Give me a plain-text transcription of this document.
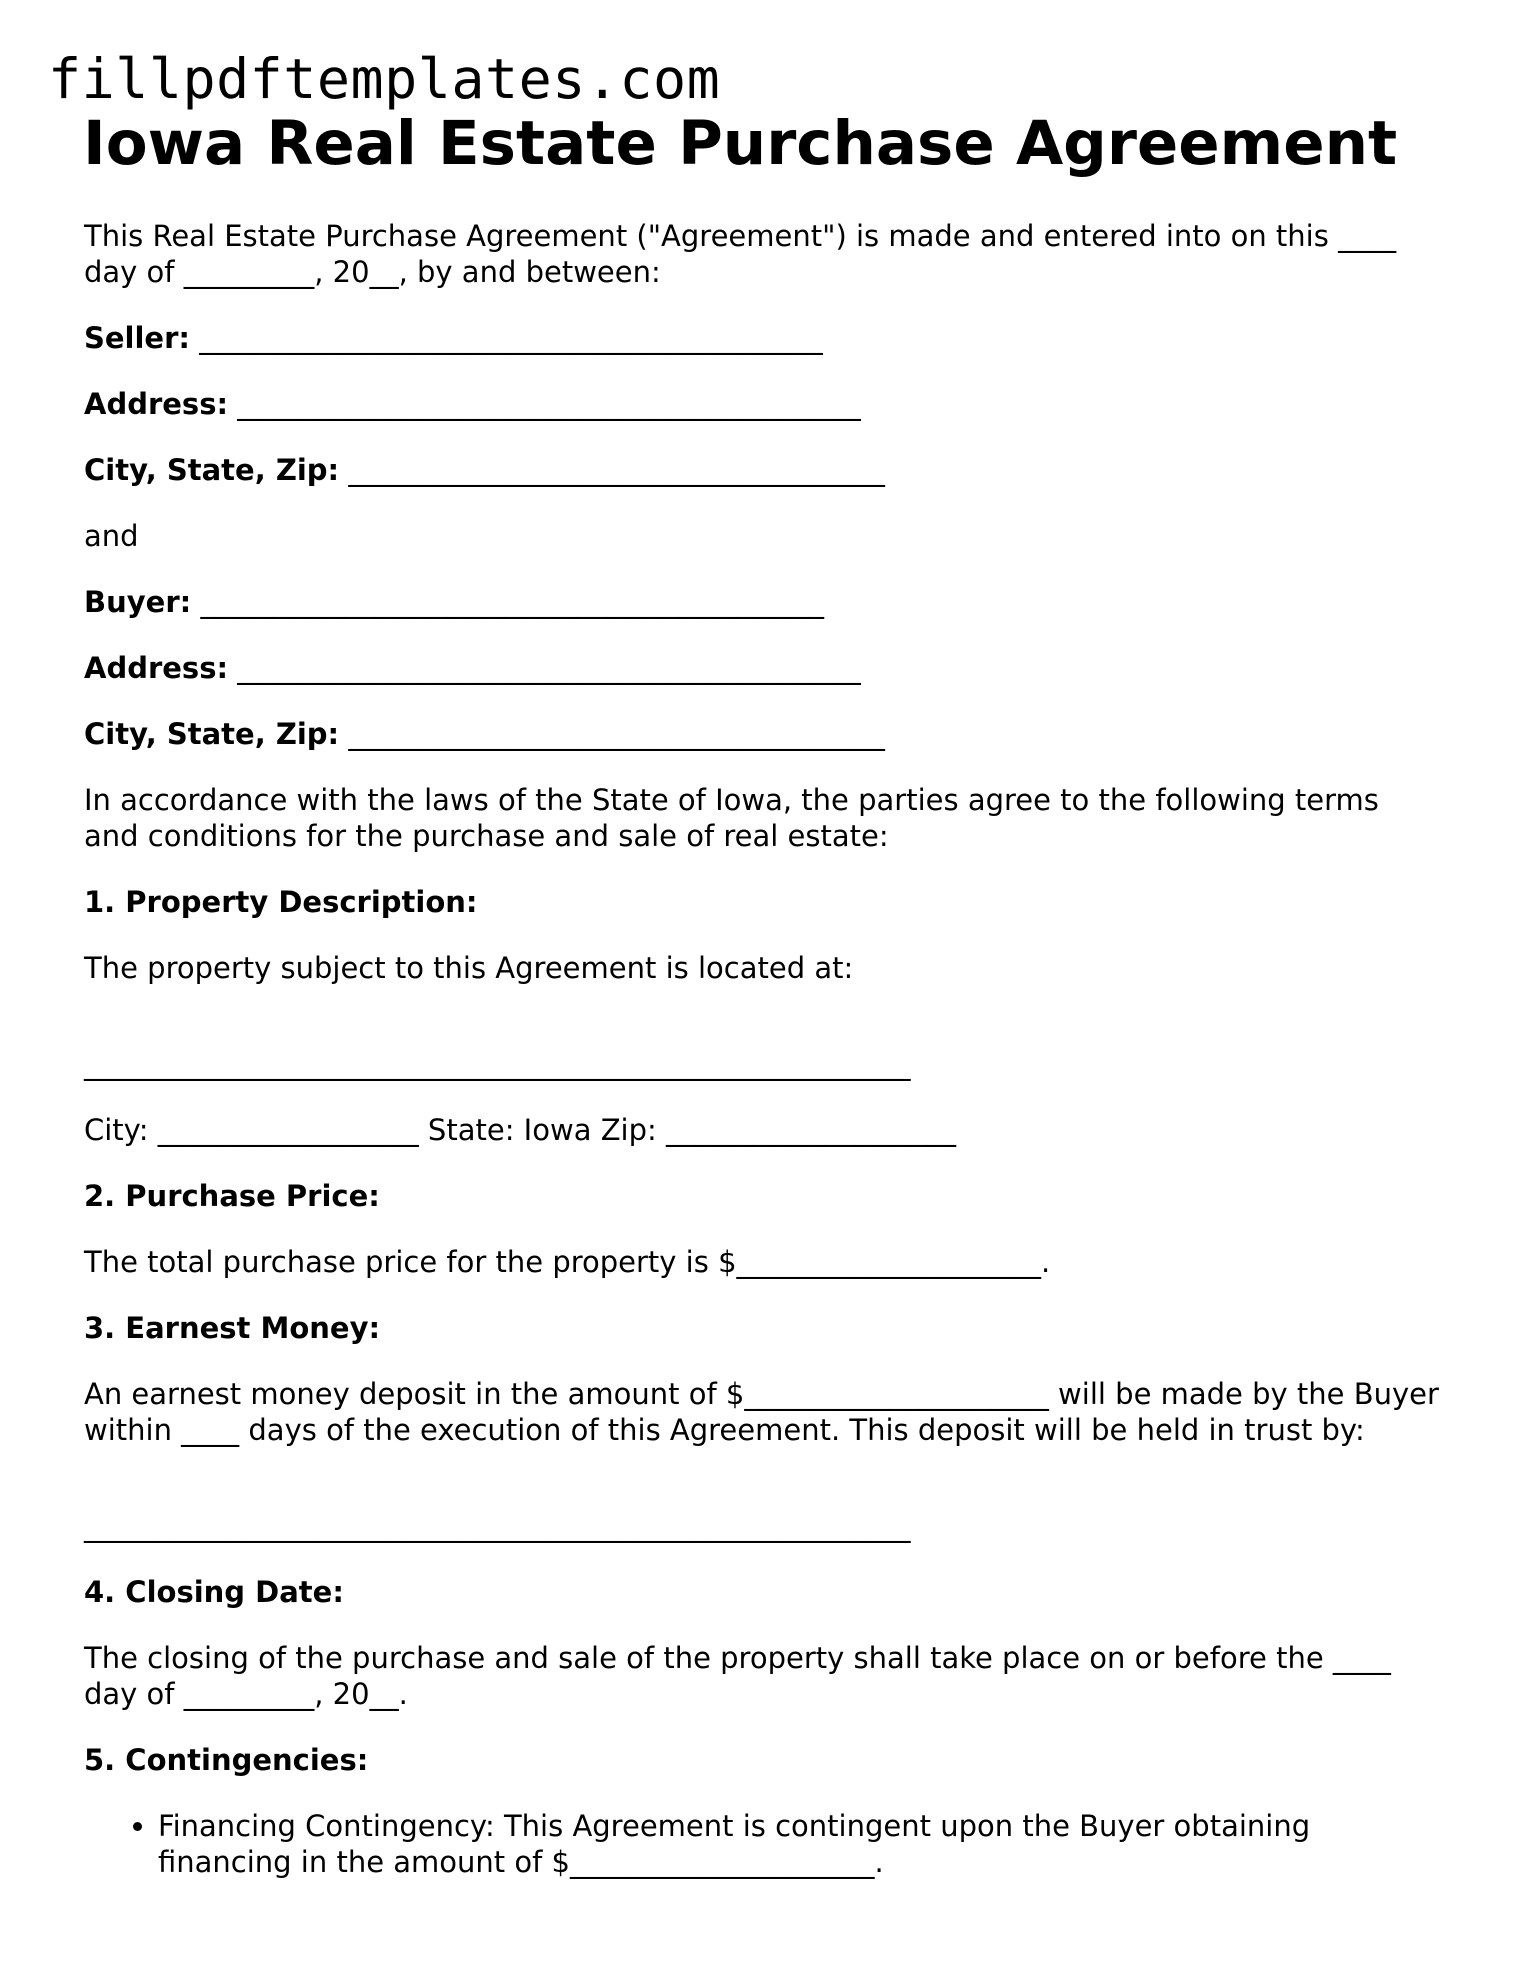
fillpdftemplates.com
Iowa Real Estate Purchase Agreement

This Real Estate Purchase Agreement ("Agreement") is made and entered into on this ____ day of _________, 20__, by and between:

Seller: ___________________________________________

Address: ___________________________________________

City, State, Zip: _____________________________________

and

Buyer: ___________________________________________

Address: ___________________________________________

City, State, Zip: _____________________________________

In accordance with the laws of the State of Iowa, the parties agree to the following terms and conditions for the purchase and sale of real estate:

1. Property Description:

The property subject to this Agreement is located at:

_________________________________________________________

City: __________________ State: Iowa Zip: ____________________

2. Purchase Price:

The total purchase price for the property is $_____________________.

3. Earnest Money:

An earnest money deposit in the amount of $_____________________ will be made by the Buyer within ____ days of the execution of this Agreement. This deposit will be held in trust by:

_________________________________________________________

4. Closing Date:

The closing of the purchase and sale of the property shall take place on or before the ____ day of _________, 20__.

5. Contingencies:

• Financing Contingency: This Agreement is contingent upon the Buyer obtaining financing in the amount of $_____________________.
